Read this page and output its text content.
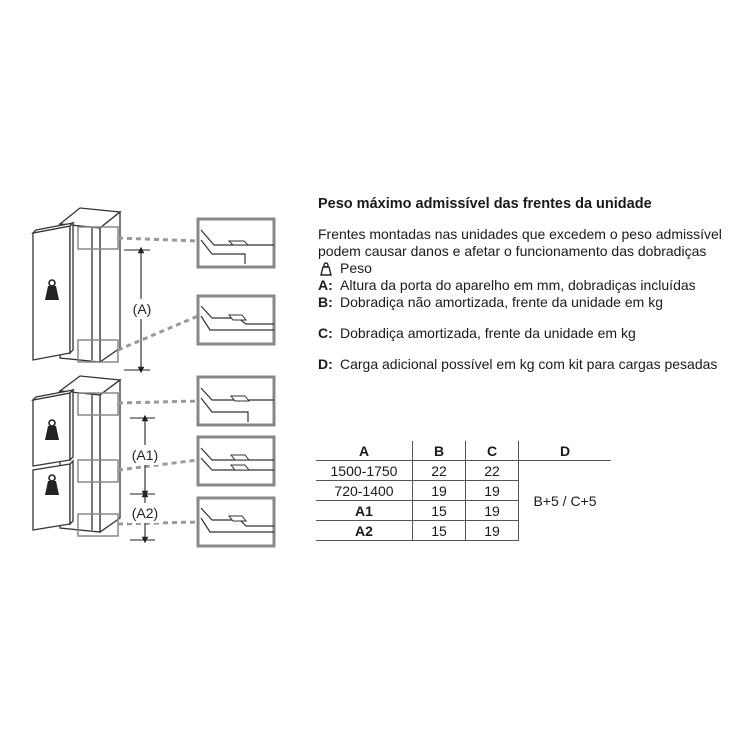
(A)
(A1)
(A2)
Peso máximo admissível das frentes da unidade
Frentes montadas nas unidades que excedem o peso admissível podem causar danos e afetar o funcionamento das dobradiças
Peso
A: Altura da porta do aparelho em mm, dobradiças incluídas
B: Dobradiça não amortizada, frente da unidade em kg
C: Dobradiça amortizada, frente da unidade em kg
D: Carga adicional possível em kg com kit para cargas pesadas
A	B	C	D
1500-1750	22	22	B+5 / C+5
720-1400	19	19	
A1	15	19	
A2	15	19	
